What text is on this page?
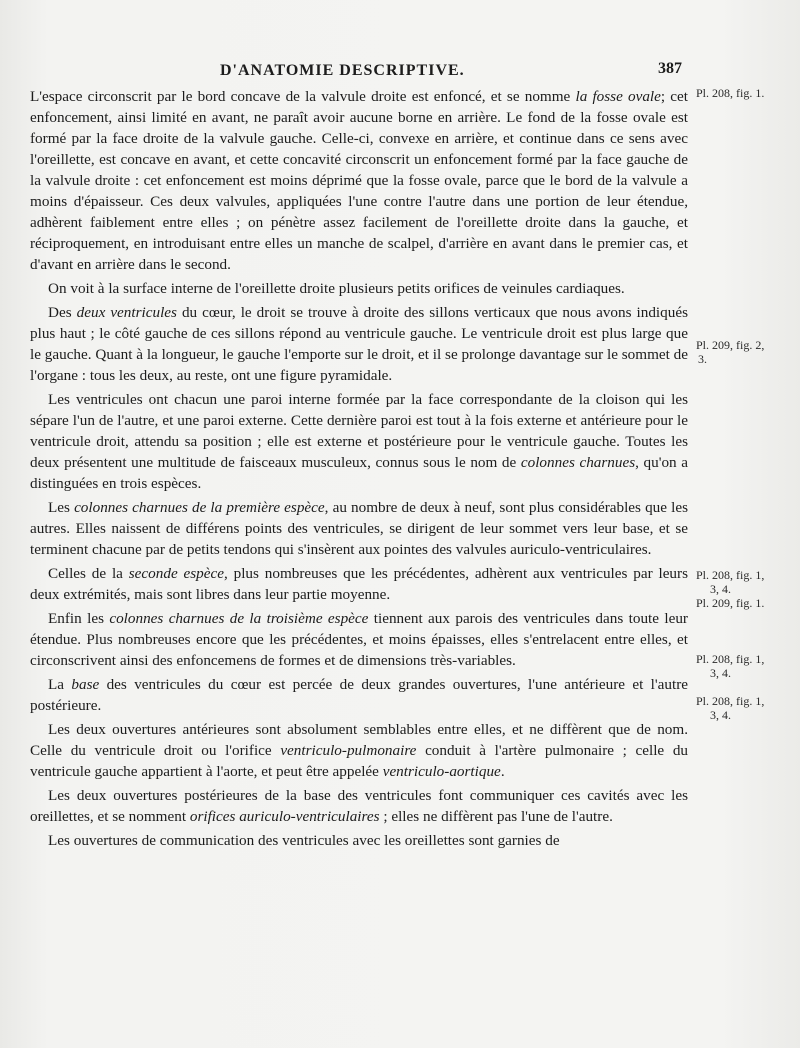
D'ANATOMIE DESCRIPTIVE.	387

L'espace circonscrit par le bord concave de la valvule droite est enfoncé, et se nomme la fosse ovale; cet enfoncement, ainsi limité en avant, ne paraît avoir aucune borne en arrière. Le fond de la fosse ovale est formé par la face droite de la valvule gauche. Celle-ci, convexe en arrière, et continue dans ce sens avec l'oreillette, est concave en avant, et cette concavité circonscrit un enfoncement formé par la face gauche de la valvule droite : cet enfoncement est moins déprimé que la fosse ovale, parce que le bord de la valvule a moins d'épaisseur. Ces deux valvules, appliquées l'une contre l'autre dans une portion de leur étendue, adhèrent faiblement entre elles ; on pénètre assez facilement de l'oreillette droite dans la gauche, et réciproquement, en introduisant entre elles un manche de scalpel, d'arrière en avant dans le premier cas, et d'avant en arrière dans le second.

On voit à la surface interne de l'oreillette droite plusieurs petits orifices de veinules cardiaques.

Des deux ventricules du cœur, le droit se trouve à droite des sillons verticaux que nous avons indiqués plus haut ; le côté gauche de ces sillons répond au ventricule gauche. Le ventricule droit est plus large que le gauche. Quant à la longueur, le gauche l'emporte sur le droit, et il se prolonge davantage sur le sommet de l'organe : tous les deux, au reste, ont une figure pyramidale.

Les ventricules ont chacun une paroi interne formée par la face correspondante de la cloison qui les sépare l'un de l'autre, et une paroi externe. Cette dernière paroi est tout à la fois externe et antérieure pour le ventricule droit, attendu sa position ; elle est externe et postérieure pour le ventricule gauche. Toutes les deux présentent une multitude de faisceaux musculeux, connus sous le nom de colonnes charnues, qu'on a distinguées en trois espèces.

Les colonnes charnues de la première espèce, au nombre de deux à neuf, sont plus considérables que les autres. Elles naissent de différens points des ventricules, se dirigent de leur sommet vers leur base, et se terminent chacune par de petits tendons qui s'insèrent aux pointes des valvules auriculo-ventriculaires.

Celles de la seconde espèce, plus nombreuses que les précédentes, adhèrent aux ventricules par leurs deux extrémités, mais sont libres dans leur partie moyenne.

Enfin les colonnes charnues de la troisième espèce tiennent aux parois des ventricules dans toute leur étendue. Plus nombreuses encore que les précédentes, et moins épaisses, elles s'entrelacent entre elles, et circonscrivent ainsi des enfoncemens de formes et de dimensions très-variables.

La base des ventricules du cœur est percée de deux grandes ouvertures, l'une antérieure et l'autre postérieure.

Les deux ouvertures antérieures sont absolument semblables entre elles, et ne diffèrent que de nom. Celle du ventricule droit ou l'orifice ventriculo-pulmonaire conduit à l'artère pulmonaire ; celle du ventricule gauche appartient à l'aorte, et peut être appelée ventriculo-aortique.

Les deux ouvertures postérieures de la base des ventricules font communiquer ces cavités avec les oreillettes, et se nomment orifices auriculo-ventriculaires ; elles ne diffèrent pas l'une de l'autre.

Les ouvertures de communication des ventricules avec les oreillettes sont garnies de

Pl. 208, fig. 1.
Pl. 209, fig. 2,
3.
Pl. 208, fig. 1,
3, 4.
Pl. 209, fig. 1.
Pl. 208, fig. 1,
3, 4.
Pl. 208, fig. 1,
3, 4.
